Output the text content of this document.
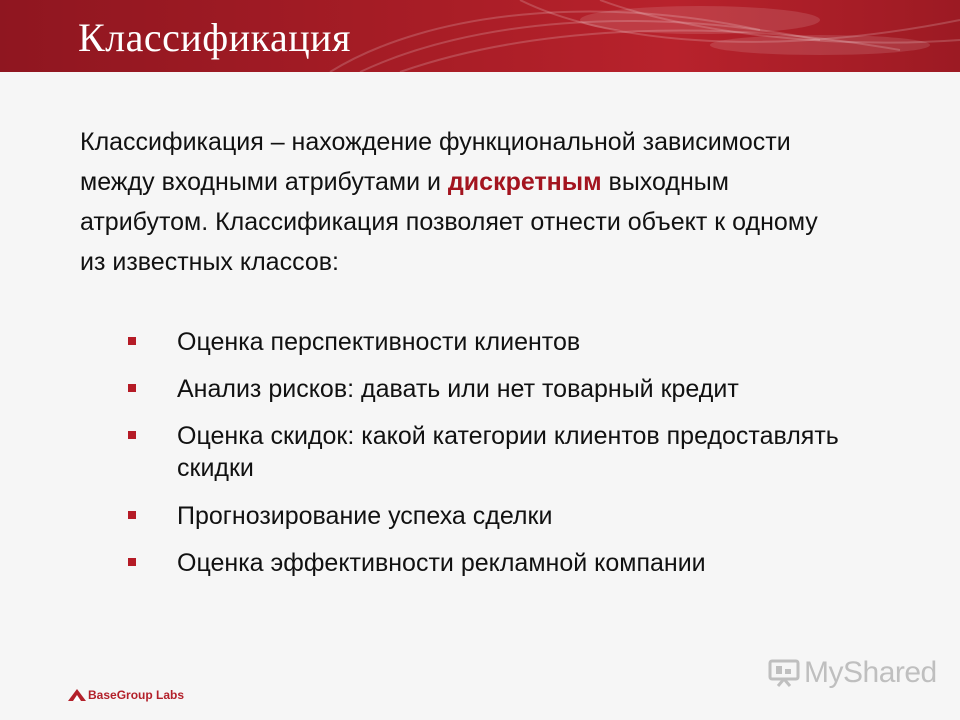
Классификация
Классификация – нахождение функциональной зависимости между входными атрибутами и дискретным выходным атрибутом. Классификация позволяет отнести объект к одному из известных классов:
Оценка перспективности клиентов
Анализ рисков: давать или нет товарный кредит
Оценка скидок: какой категории клиентов предоставлять скидки
Прогнозирование успеха сделки
Оценка эффективности рекламной компании
BaseGroup Labs
My Shared
